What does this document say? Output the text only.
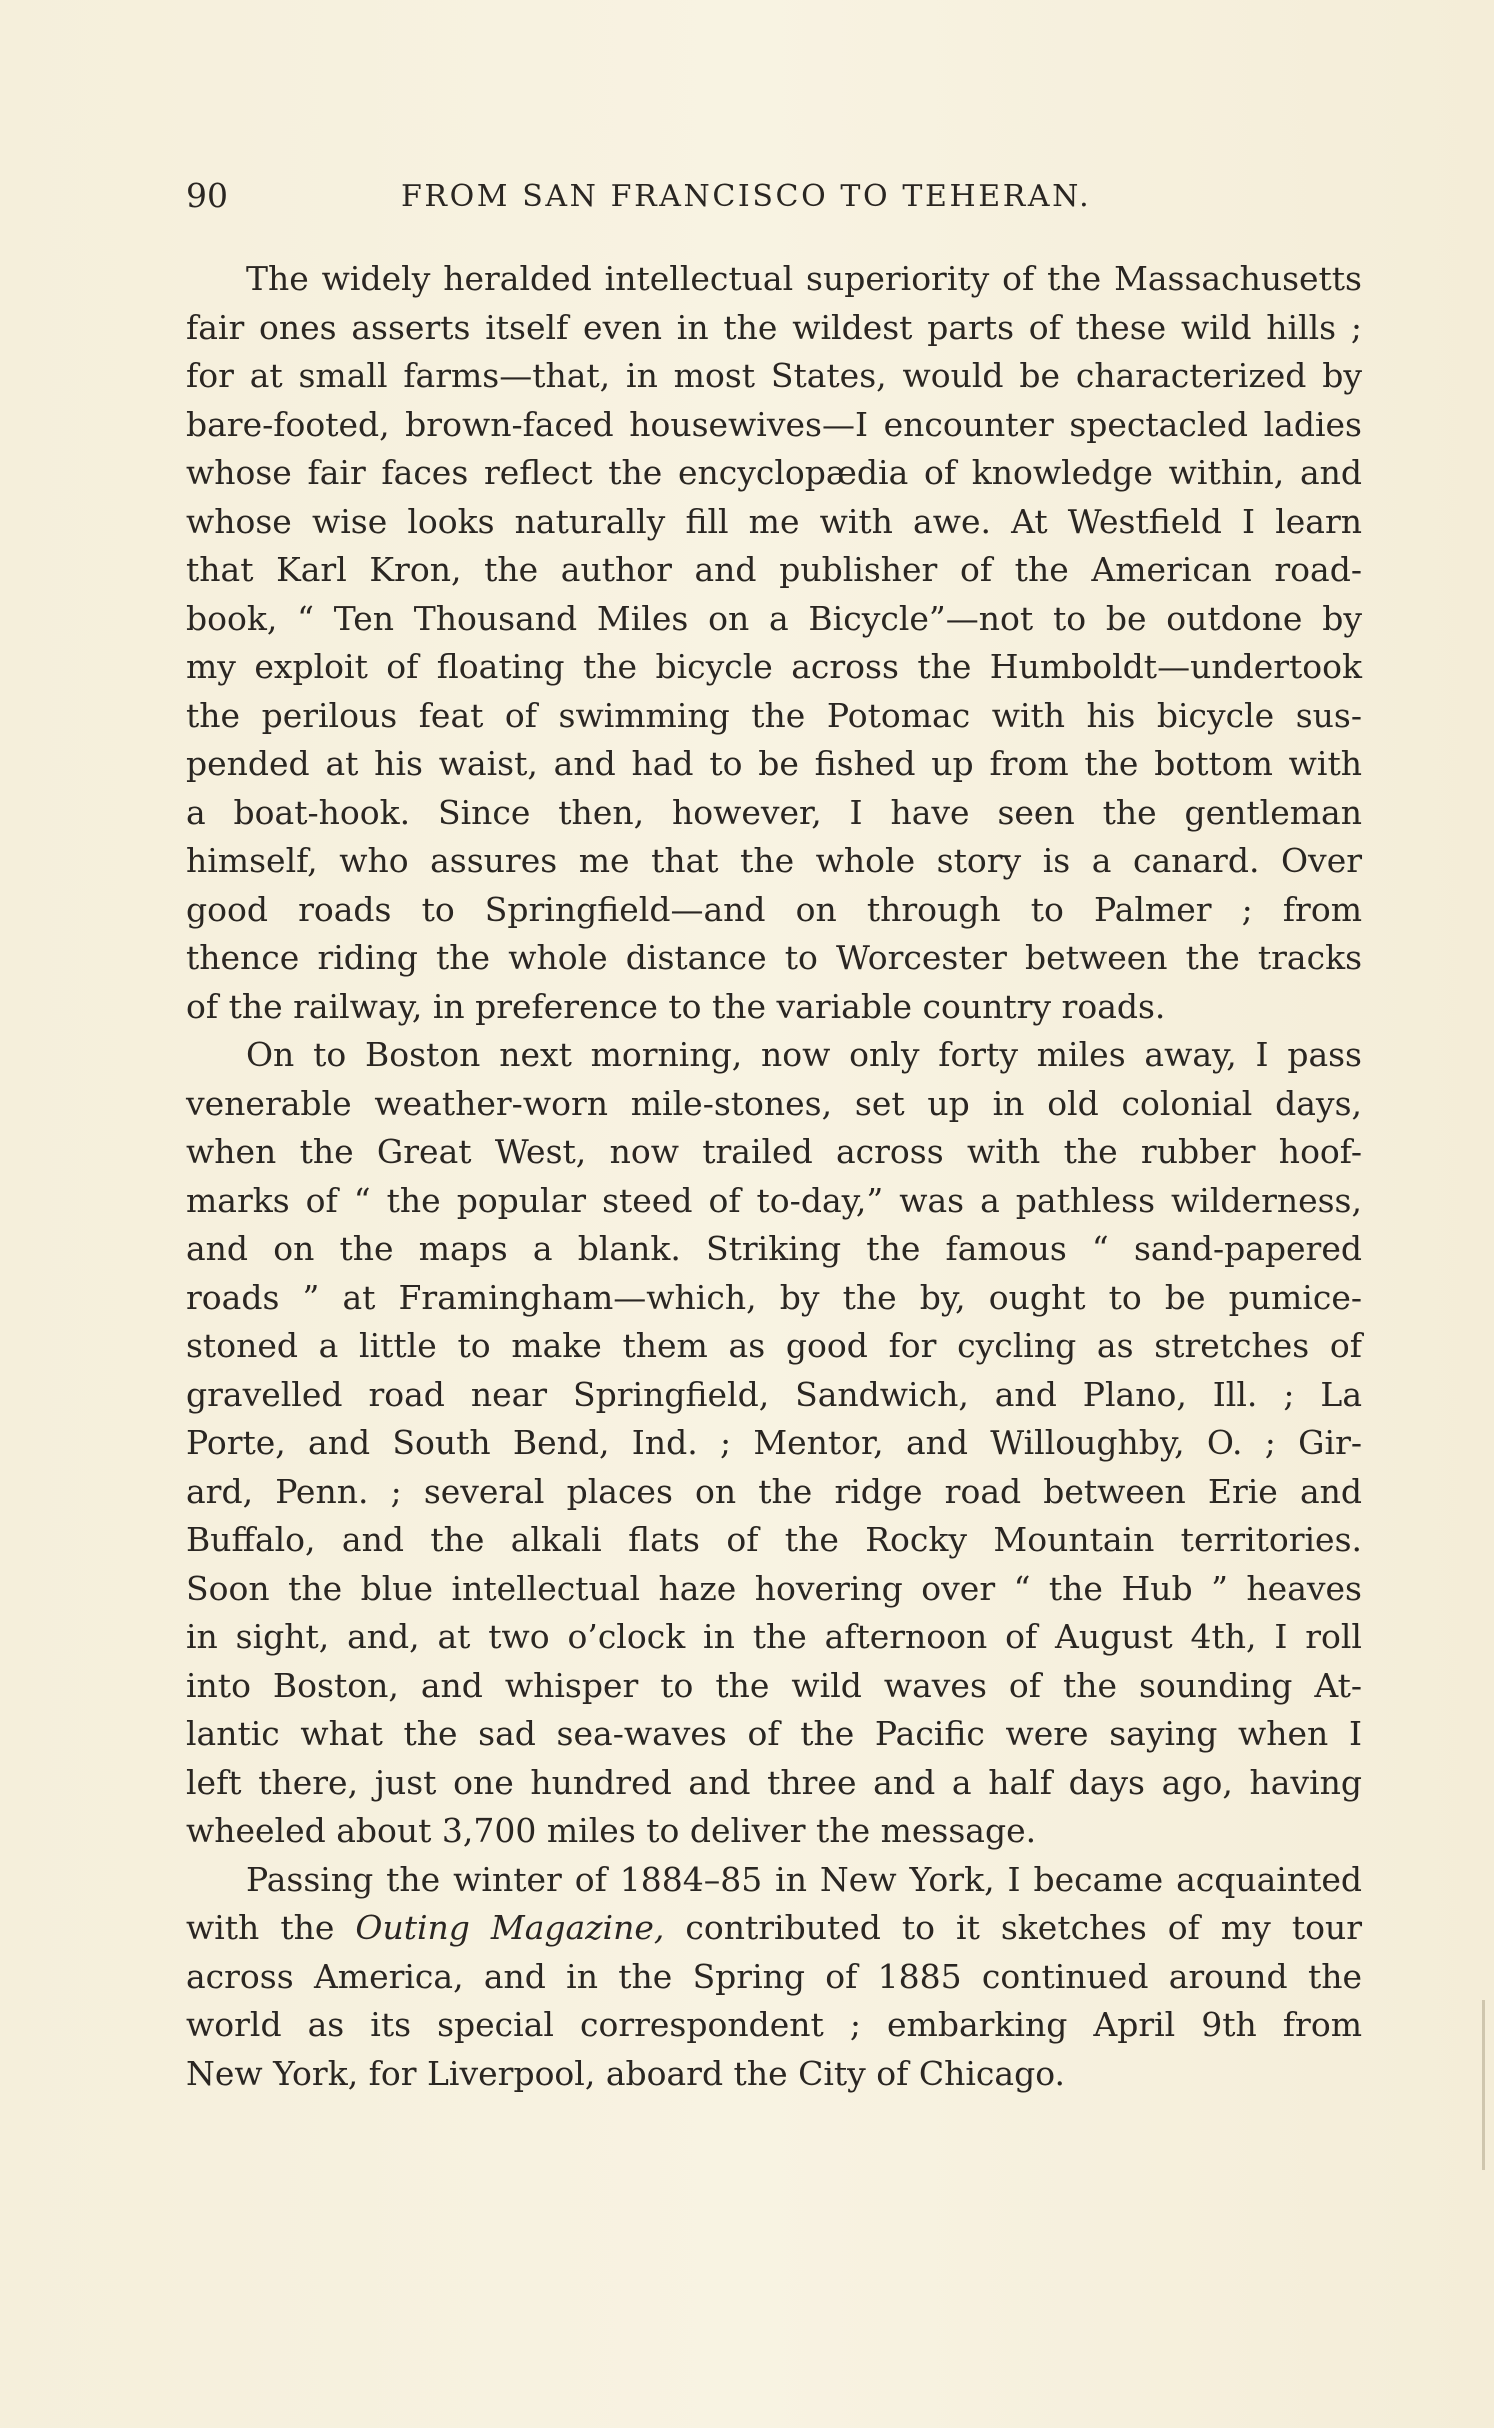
90	FROM SAN FRANCISCO TO TEHERAN.
The widely heralded intellectual superiority of the Massachusetts
fair ones asserts itself even in the wildest parts of these wild hills ;
for at small farms—that, in most States, would be characterized by
bare-footed, brown-faced housewives—I encounter spectacled ladies
whose fair faces reflect the encyclopædia of knowledge within, and
whose wise looks naturally fill me with awe. At Westfield I learn
that Karl Kron, the author and publisher of the American road-
book, “ Ten Thousand Miles on a Bicycle”—not to be outdone by
my exploit of floating the bicycle across the Humboldt—undertook
the perilous feat of swimming the Potomac with his bicycle sus-
pended at his waist, and had to be fished up from the bottom with
a boat-hook. Since then, however, I have seen the gentleman
himself, who assures me that the whole story is a canard. Over
good roads to Springfield—and on through to Palmer ; from
thence riding the whole distance to Worcester between the tracks
of the railway, in preference to the variable country roads.
On to Boston next morning, now only forty miles away, I pass
venerable weather-worn mile-stones, set up in old colonial days,
when the Great West, now trailed across with the rubber hoof-
marks of “ the popular steed of to-day,” was a pathless wilderness,
and on the maps a blank. Striking the famous “ sand-papered
roads ” at Framingham—which, by the by, ought to be pumice-
stoned a little to make them as good for cycling as stretches of
gravelled road near Springfield, Sandwich, and Plano, Ill. ; La
Porte, and South Bend, Ind. ; Mentor, and Willoughby, O. ; Gir-
ard, Penn. ; several places on the ridge road between Erie and
Buffalo, and the alkali flats of the Rocky Mountain territories.
Soon the blue intellectual haze hovering over “ the Hub ” heaves
in sight, and, at two o’clock in the afternoon of August 4th, I roll
into Boston, and whisper to the wild waves of the sounding At-
lantic what the sad sea-waves of the Pacific were saying when I
left there, just one hundred and three and a half days ago, having
wheeled about 3,700 miles to deliver the message.
Passing the winter of 1884–85 in New York, I became acquainted
with the Outing Magazine, contributed to it sketches of my tour
across America, and in the Spring of 1885 continued around the
world as its special correspondent ; embarking April 9th from
New York, for Liverpool, aboard the City of Chicago.
